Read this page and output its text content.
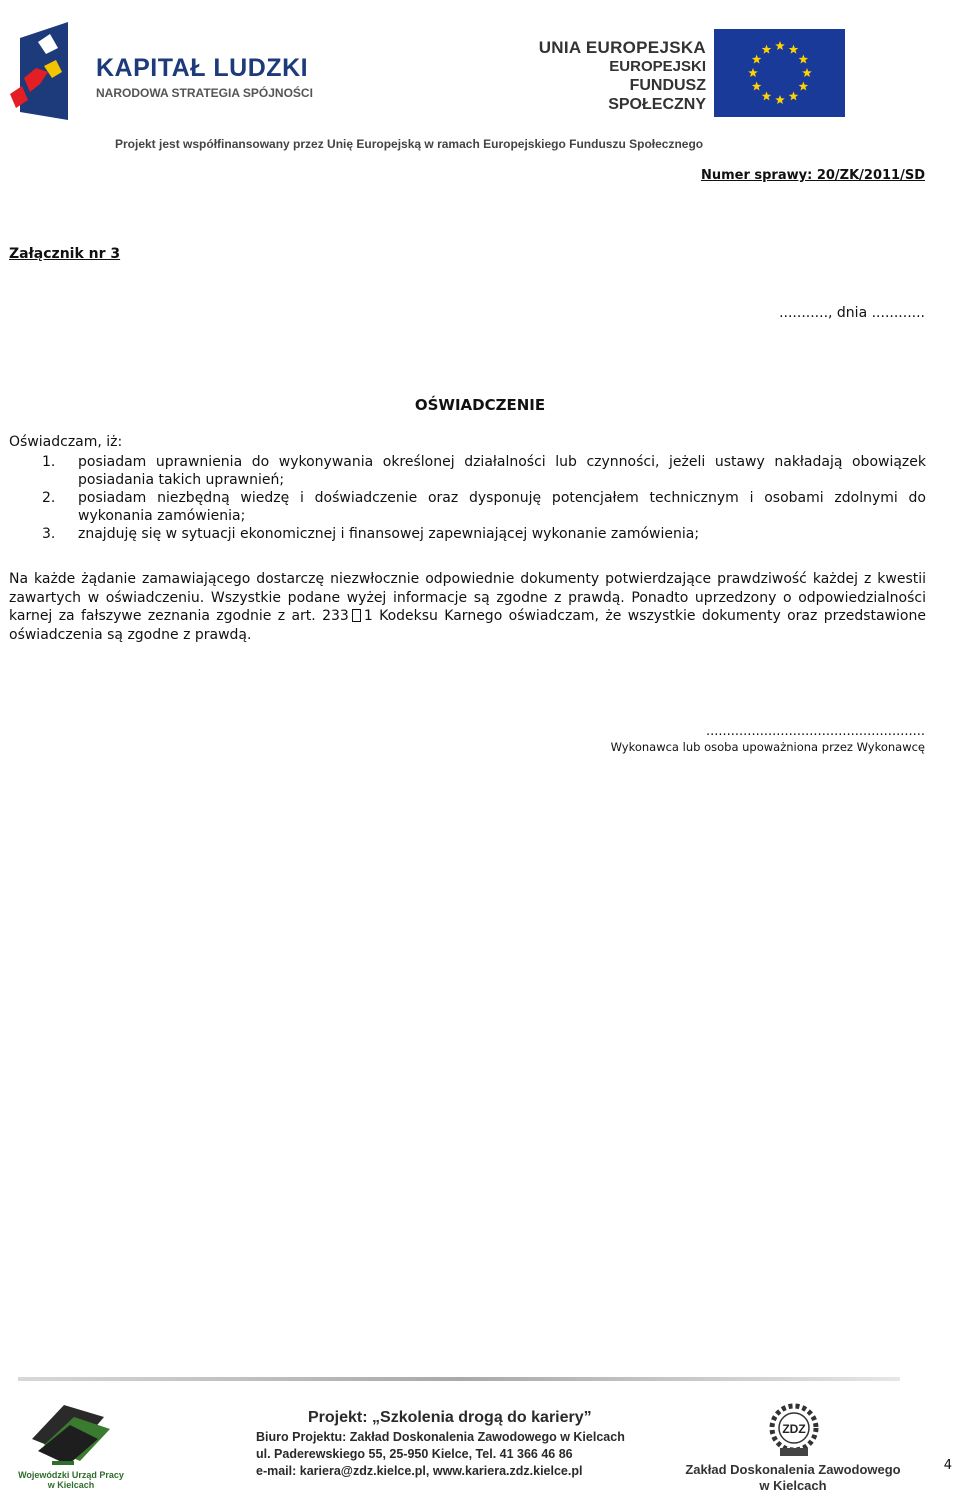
KAPITAŁ LUDZKI
NARODOWA STRATEGIA SPÓJNOŚCI
UNIA EUROPEJSKA
EUROPEJSKI
FUNDUSZ SPOŁECZNY
Projekt jest współfinansowany przez Unię Europejską w ramach Europejskiego Funduszu Społecznego
Numer sprawy: 20/ZK/2011/SD
Załącznik nr 3
..........., dnia ............
OŚWIADCZENIE
Oświadczam, iż:
1. posiadam uprawnienia do wykonywania określonej działalności lub czynności, jeżeli ustawy nakładają obowiązek posiadania takich uprawnień;
2. posiadam niezbędną wiedzę i doświadczenie oraz dysponuję potencjałem technicznym i osobami zdolnymi do wykonania zamówienia;
3. znajduję się w sytuacji ekonomicznej i finansowej zapewniającej wykonanie zamówienia;
Na każde żądanie zamawiającego dostarczę niezwłocznie odpowiednie dokumenty potwierdzające prawdziwość każdej z kwestii zawartych w oświadczeniu. Wszystkie podane wyżej informacje są zgodne z prawdą. Ponadto uprzedzony o odpowiedzialności karnej za fałszywe zeznania zgodnie z art. 233 1 Kodeksu Karnego oświadczam, że wszystkie dokumenty oraz przedstawione oświadczenia są zgodne z prawdą.
.....................................................
Wykonawca lub osoba upoważniona przez Wykonawcę
Wojewódzki Urząd Pracy
w Kielcach
Projekt: „Szkolenia drogą do kariery”
Biuro Projektu: Zakład Doskonalenia Zawodowego w Kielcach
ul. Paderewskiego 55, 25-950 Kielce, Tel. 41 366 46 86
e-mail: kariera@zdz.kielce.pl, www.kariera.zdz.kielce.pl
ZDZ
Zakład Doskonalenia Zawodowego
w Kielcach
4
